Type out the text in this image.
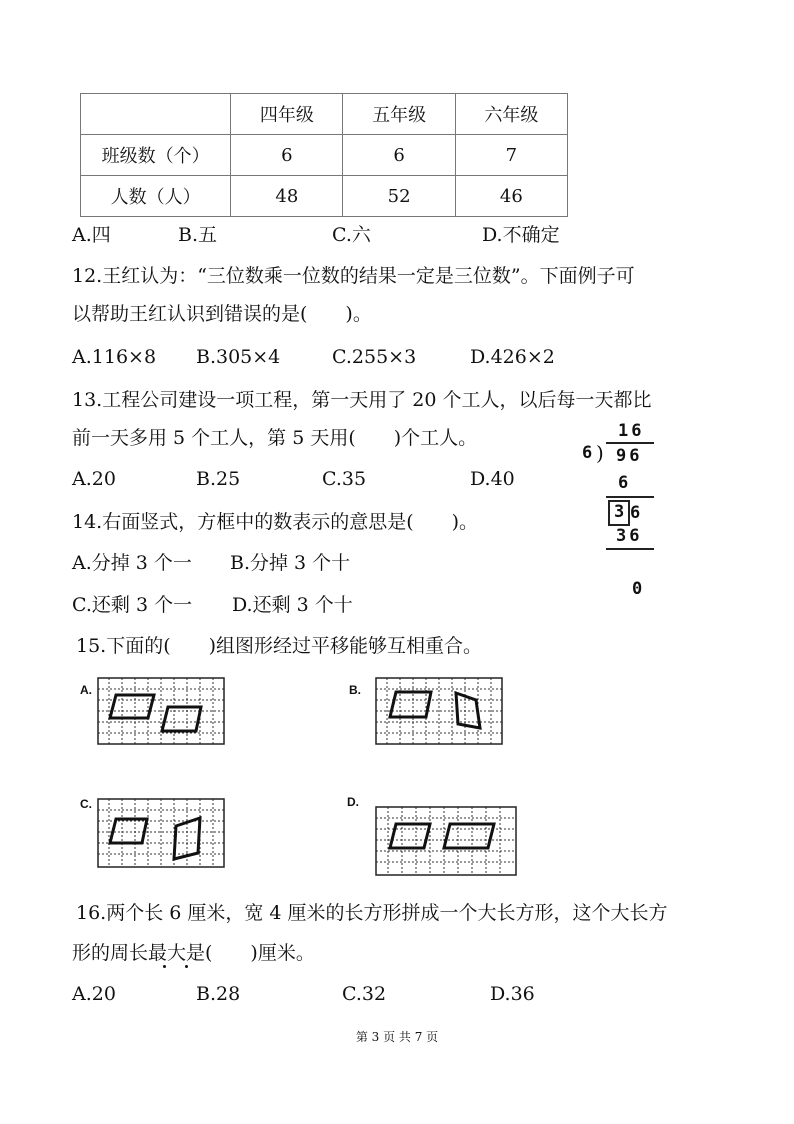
	四年级	五年级	六年级
班级数（个）	6	6	7
人数（人）	48	52	46
A.四	B.五	C.六	D.不确定
12.王红认为：“三位数乘一位数的结果一定是三位数”。下面例子可
以帮助王红认识到错误的是(　　)。
A.116×8 B.305×4	C.255×3	D.426×2
13.工程公司建设一项工程，第一天用了 20 个工人，以后每一天都比
前一天多用 5 个工人，第 5 天用(　　)个工人。
A.20	B.25	C.35	D.40
16
6 ) 96
6
3 6
36
0
14.右面竖式，方框中的数表示的意思是(　　)。
A.分掉 3 个一 B.分掉 3 个十
C.还剩 3 个一 D.还剩 3 个十
15.下面的(　　)组图形经过平移能够互相重合。
A.	B.
C.	D.
16.两个长 6 厘米，宽 4 厘米的长方形拼成一个大长方形，这个大长方
形的周长最大是(　　)厘米。
A.20	B.28	C.32	D.36
第 3 页 共 7 页
